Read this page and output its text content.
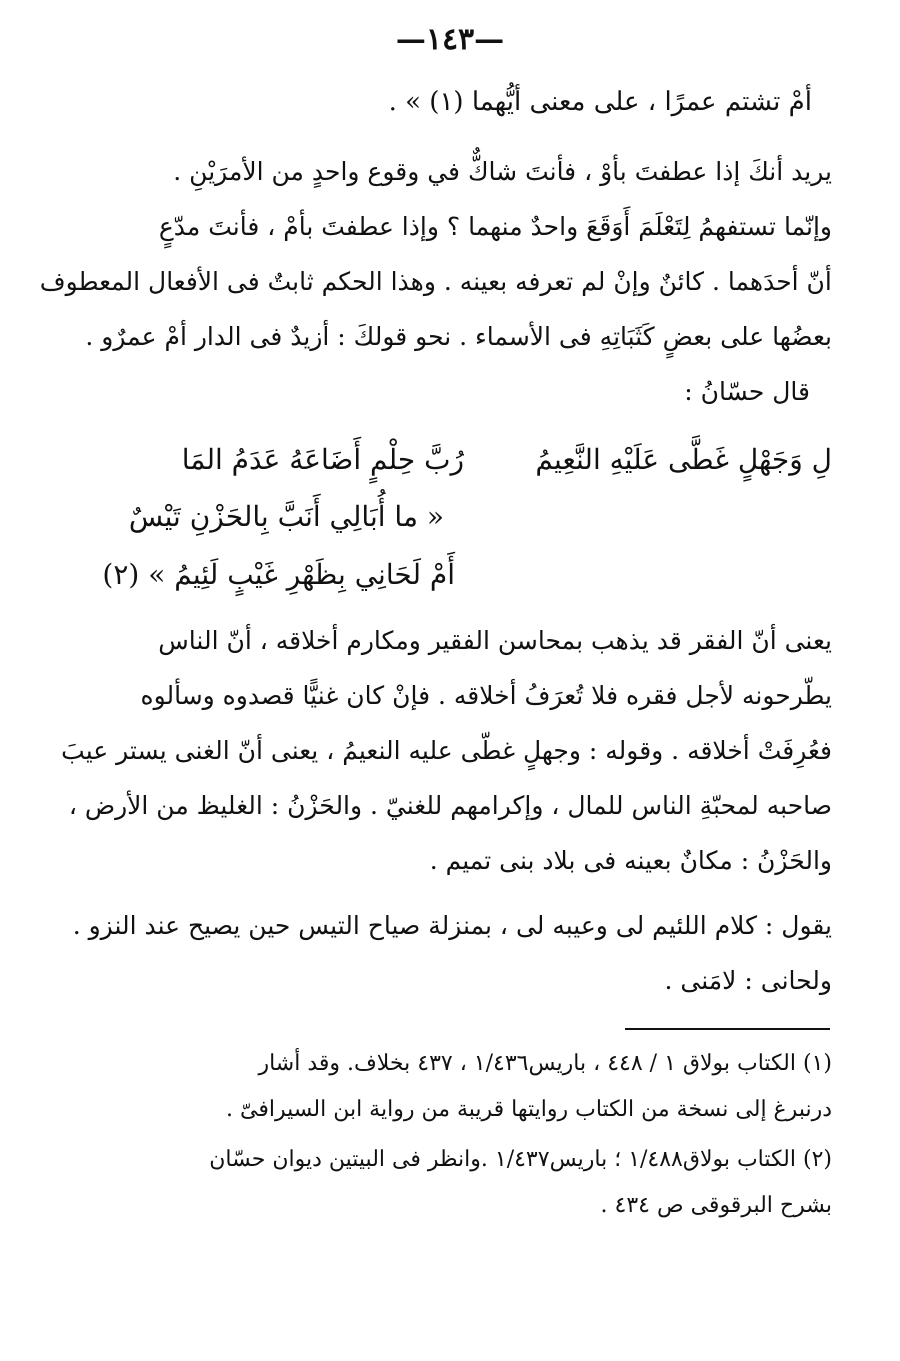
—١٤٣—
أمْ تشتم عمرًا ، على معنى أيُّهما (١) » .
يريد أنكَ إذا عطفتَ بأوْ ، فأنتَ شاكٌّ في وقوع واحدٍ من الأمرَيْنِ .
وإنّما تستفهمُ لِتَعْلَمَ أَوَقَعَ واحدٌ منهما ؟ وإذا عطفتَ بأمْ ، فأنتَ مدّعٍ
أنّ أحدَهما . كائنٌ وإنْ لم تعرفه بعينه . وهذا الحكم ثابتٌ فى الأفعال المعطوف
بعضُها على بعضٍ كَثَبَاتِهِ فى الأسماء . نحو قولكَ : أزيدٌ فى الدار أمْ عمرٌو .
قال حسّانُ :
رُبَّ حِلْمٍ أَضَاعَهُ عَدَمُ المَا	لِ وَجَهْلٍ غَطَّى عَلَيْهِ النَّعِيمُ
« ما أُبَالِي أَنَبَّ بِالحَزْنِ تَيْسٌ
أَمْ لَحَانِي بِظَهْرِ غَيْبٍ لَئِيمُ » (٢)
يعنى أنّ الفقر قد يذهب بمحاسن الفقير ومكارم أخلاقه ، أنّ الناس
يطّرحونه لأجل فقره فلا تُعرَفُ أخلاقه . فإنْ كان غنيًّا قصدوه وسألوه
فعُرِفَتْ أخلاقه . وقوله : وجهلٍ غطّى عليه النعيمُ ، يعنى أنّ الغنى يستر عيبَ
صاحبه لمحبّةِ الناس للمال ، وإكرامهم للغنيّ . والحَزْنُ : الغليظ من الأرض ،
والحَزْنُ : مكانٌ بعينه فى بلاد بنى تميم .
يقول : كلام اللئيم لى وعيبه لى ، بمنزلة صياح التيس حين يصيح عند النزو .
ولحانى : لامَنى .
(١) الكتاب بولاق ١ / ٤٤٨ ، باريس١/٤٣٦ ، ٤٣٧ بخلاف. وقد أشار
درنبرغ إلى نسخة من الكتاب روايتها قريبة من رواية ابن السيرافىّ .
(٢) الكتاب بولاق١/٤٨٨ ؛ باريس١/٤٣٧ .وانظر فى البيتين ديوان حسّان
بشرح البرقوقى ص ٤٣٤ .
